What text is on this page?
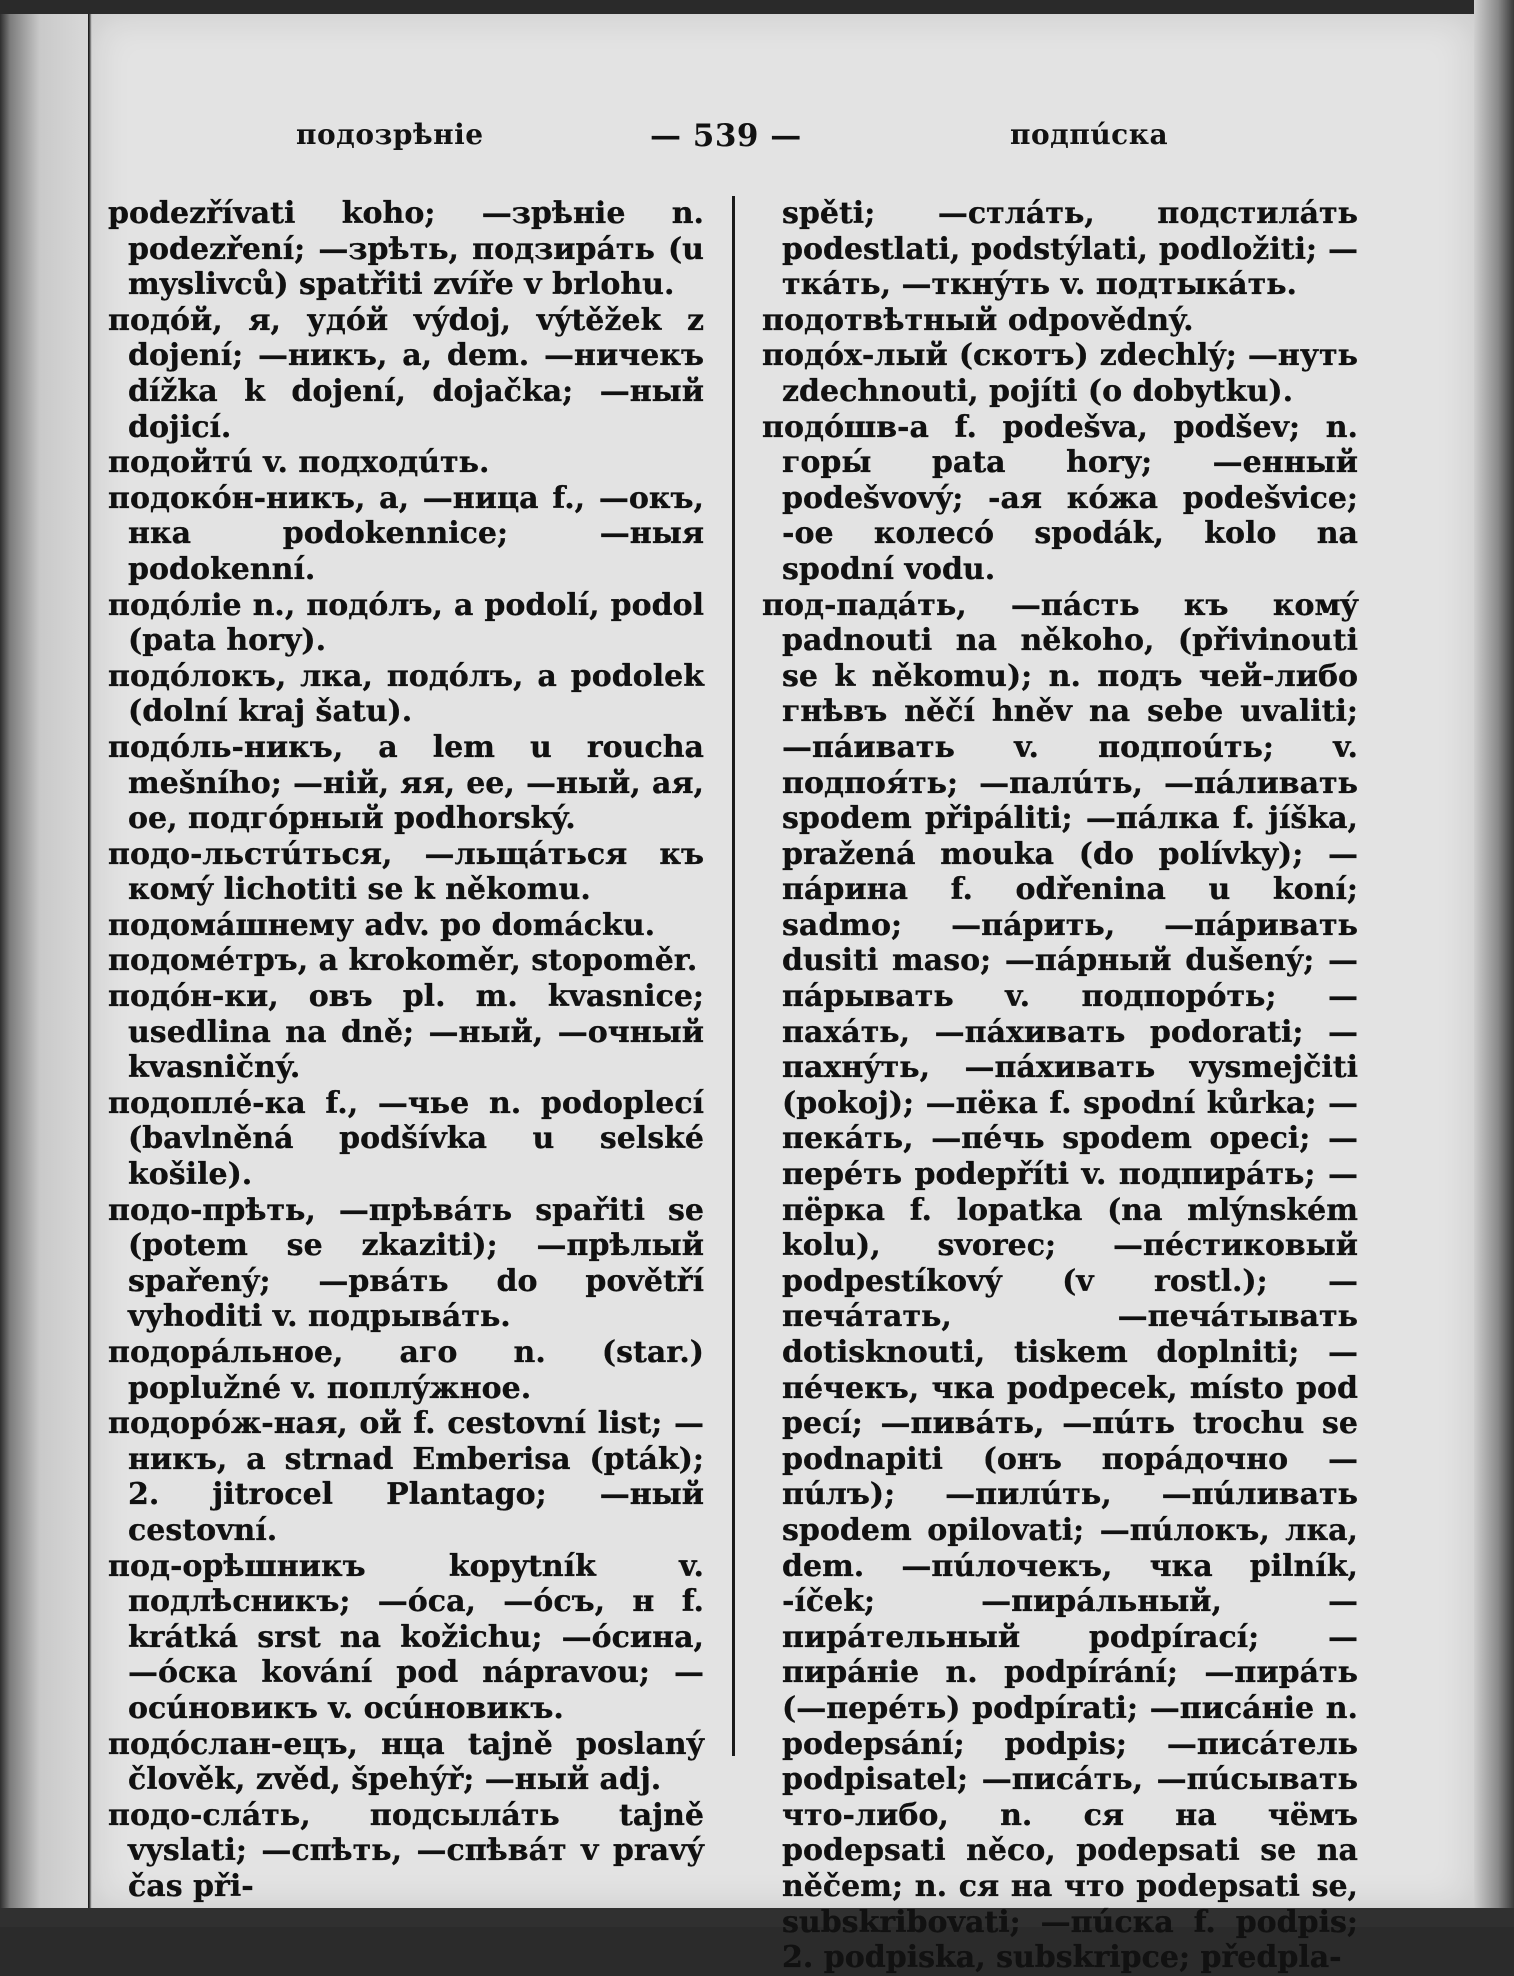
подозрѣніе	— 539 —	подпúска

podezřívati koho; —зрѣніе n. podezření; —зрѣть, подзирáть (u myslivců) spatřiti zvíře v brlohu.

подóй, я, удóй výdoj, výtěžek z dojení; —никъ, a, dem. —ничекъ dížka k dojení, dojačka; —ный dojicí.

подойтú v. подходúть.

подокóн-никъ, a, —ница f., —окъ, нка podokennice; —ныя podokenní.

подóліе n., подóлъ, a podolí, podol (pata hory).

подóлокъ, лка, подóлъ, a podolek (dolní kraj šatu).

подóль-никъ, a lem u roucha mešního; —ній, яя, ее, —ный, ая, ое, подгóрный podhorský.

подо-льстúться, —льщáться къ комý lichotiti se k někomu.

подомáшнему adv. po domácku.

подомéтръ, a krokoměr, stopoměr.

подóн-ки, овъ pl. m. kvasnice; usedlina na dně; —ный, —очный kvasničný.

подоплé-ка f., —чье n. podoplecí (bavlněná podšívka u selské košile).

подо-прѣть, —прѣвáть spařiti se (potem se zkaziti); —прѣлый spařený; —рвáть do povětří vyhoditi v. подрывáть.

подорáльное, аго n. (star.) poplužné v. поплýжное.

подорóж-ная, ой f. cestovní list; —никъ, a strnad Emberisa (pták); 2. jitrocel Plantago; —ный cestovní.

под-орѣшникъ kopytník v. подлѣсникъ; —óса, —óсъ, н f. krátká srst na kožichu; —óсина, —óска kování pod nápravou; —осúновикъ v. осúновикъ.

подóслан-ецъ, нца tajně poslaný člověk, zvěd, špehýř; —ный adj.

подо-слáть, подсылáть tajně vyslati; —спѣть, —спѣвáт v pravý čas při-

spěti; —стлáть, подстилáть podestlati, podstýlati, podložiti; —ткáть, —ткнýть v. подтыкáть.

подотвѣтный odpovědný.

подóх-лый (скотъ) zdechlý; —нуть zdechnouti, pojíti (o dobytku).

подóшв-а f. podešva, podšev; n. горы́ pata hory; —енный podešvový; -ая кóжа podešvice; -ое колесó spodák, kolo na spodní vodu.

под-падáть, —пáсть къ комý padnouti na někoho, (přivinouti se k někomu); n. подъ чей-либо гнѣвъ něčí hněv na sebe uvaliti; —пáивать v. подпоúть; v. подпоя́ть; —палúть, —пáливать spodem připáliti; —пáлка f. jíška, pražená mouka (do polívky); —пáрина f. odřenina u koní; sadmo; —пáрить, —пáривать dusiti maso; —пáрный dušený; —пáрывать v. подпорóть; —пахáть, —пáхивать podorati; —пахнýть, —пáхивать vysmejčiti (pokoj); —пёка f. spodní kůrka; —пекáть, —пéчь spodem opeci; —перéть podepříti v. подпирáть; —пёрка f. lopatka (na mlýnském kolu), svorec; —пéстиковый podpestíkový (v rostl.); —печáтать, —печáтывать dotisknouti, tiskem doplniti; —пéчекъ, чка podpecek, místo pod pecí; —пивáть, —пúть trochu se podnapiti (онъ порáдочно —пúлъ); —пилúть, —пúливать spodem opilovati; —пúлокъ, лка, dem. —пúлочекъ, чка pilník, -íček; —пирáльный, —пирáтельный podpírací; —пирáніе n. podpírání; —пирáть (—перéть) podpírati; —писáніе n. podepsání; podpis; —писáтель podpisatel; —писáть, —пúсывать что-либо, n. ся на чёмъ podepsati něco, podepsati se na něčem; n. ся на что podepsati se, subskribovati; —пúска f. podpis; 2. podpiska, subskripce; předpla-
